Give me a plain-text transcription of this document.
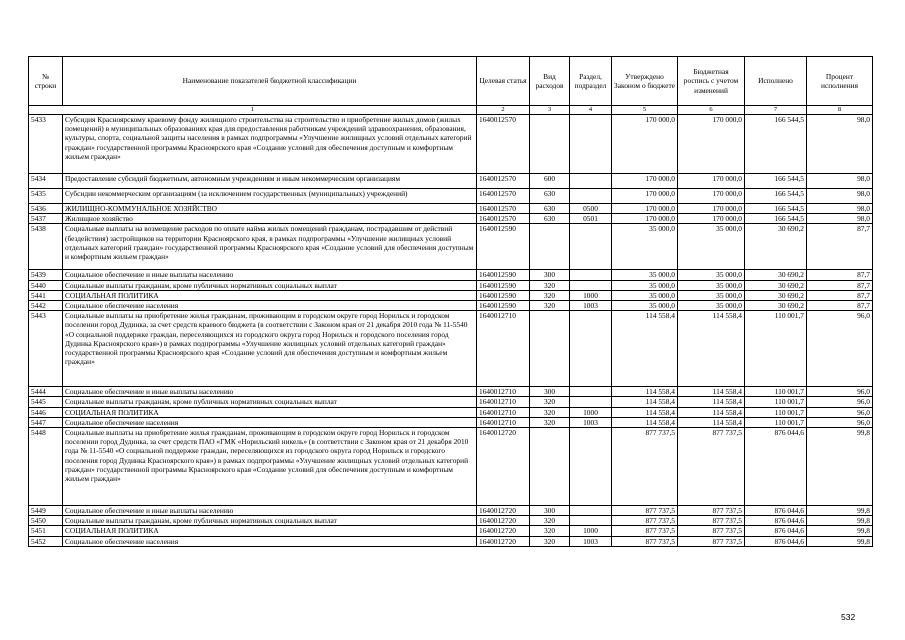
№ строки	Наименование показателей бюджетной классификации	Целевая статья	Вид расходов	Раздел, подраздел	Утверждено Законом о бюджете	Бюджетная роспись с учетом изменений	Исполнено	Процент исполнения
1		2	3	4	5	6	7	8
5433	Субсидия Красноярскому краевому фонду жилищного строительства на строительство и приобретение жилых домов (жилых помещений) в муниципальных образованиях края для предоставления работникам учреждений здравоохранения, образования, культуры, спорта, социальной защиты населения в рамках подпрограммы «Улучшение жилищных условий отдельных категорий граждан» государственной программы Красноярского края «Создание условий для обеспечения доступным и комфортным жильем граждан»	1640012570			170 000,0	170 000,0	166 544,5	98,0
5434	Предоставление субсидий бюджетным, автономным учреждениям и иным некоммерческим организациям	1640012570	600		170 000,0	170 000,0	166 544,5	98,0
5435	Субсидии некоммерческим организациям (за исключением государственных (муниципальных) учреждений)	1640012570	630		170 000,0	170 000,0	166 544,5	98,0
5436	ЖИЛИЩНО-КОММУНАЛЬНОЕ ХОЗЯЙСТВО	1640012570	630	0500	170 000,0	170 000,0	166 544,5	98,0
5437	Жилищное хозяйство	1640012570	630	0501	170 000,0	170 000,0	166 544,5	98,0
5438	Социальные выплаты на возмещение расходов по оплате найма жилых помещений гражданам, пострадавшим от действий (бездействия) застройщиков на территории Красноярского края, в рамках подпрограммы «Улучшение жилищных условий отдельных категорий граждан» государственной программы Красноярского края «Создание условий для обеспечения доступным и комфортным жильем граждан»	1640012590			35 000,0	35 000,0	30 690,2	87,7
5439	Социальное обеспечение и иные выплаты населению	1640012590	300		35 000,0	35 000,0	30 690,2	87,7
5440	Социальные выплаты гражданам, кроме публичных нормативных социальных выплат	1640012590	320		35 000,0	35 000,0	30 690,2	87,7
5441	СОЦИАЛЬНАЯ ПОЛИТИКА	1640012590	320	1000	35 000,0	35 000,0	30 690,2	87,7
5442	Социальное обеспечение населения	1640012590	320	1003	35 000,0	35 000,0	30 690,2	87,7
5443	Социальные выплаты на приобретение жилья гражданам, проживающим в городском округе город Норильск и городском поселении город Дудинка, за счет средств краевого бюджета (в соответствии с Законом края от 21 декабря 2010 года № 11-5540 «О социальной поддержке граждан, переселяющихся из городского округа город Норильск и городского поселения город Дудинка Красноярского края») в рамках подпрограммы «Улучшение жилищных условий отдельных категорий граждан» государственной программы Красноярского края «Создание условий для обеспечения доступным и комфортным жильем граждан»	1640012710			114 558,4	114 558,4	110 001,7	96,0
5444	Социальное обеспечение и иные выплаты населению	1640012710	300		114 558,4	114 558,4	110 001,7	96,0
5445	Социальные выплаты гражданам, кроме публичных нормативных социальных выплат	1640012710	320		114 558,4	114 558,4	110 001,7	96,0
5446	СОЦИАЛЬНАЯ ПОЛИТИКА	1640012710	320	1000	114 558,4	114 558,4	110 001,7	96,0
5447	Социальное обеспечение населения	1640012710	320	1003	114 558,4	114 558,4	110 001,7	96,0
5448	Социальные выплаты на приобретение жилья гражданам, проживающим в городском округе город Норильск и городском поселении город Дудинка, за счет средств ПАО «ГМК «Норильский никель» (в соответствии с Законом края от 21 декабря 2010 года № 11-5540 «О социальной поддержке граждан, переселяющихся из городского округа город Норильск и городского поселения город Дудинка Красноярского края») в рамках подпрограммы «Улучшение жилищных условий отдельных категорий граждан» государственной программы Красноярского края «Создание условий для обеспечения доступным и комфортным жильем граждан»	1640012720			877 737,5	877 737,5	876 044,6	99,8
5449	Социальное обеспечение и иные выплаты населению	1640012720	300		877 737,5	877 737,5	876 044,6	99,8
5450	Социальные выплаты гражданам, кроме публичных нормативных социальных выплат	1640012720	320		877 737,5	877 737,5	876 044,6	99,8
5451	СОЦИАЛЬНАЯ ПОЛИТИКА	1640012720	320	1000	877 737,5	877 737,5	876 044,6	99,8
5452	Социальное обеспечение населения	1640012720	320	1003	877 737,5	877 737,5	876 044,6	99,8
532
